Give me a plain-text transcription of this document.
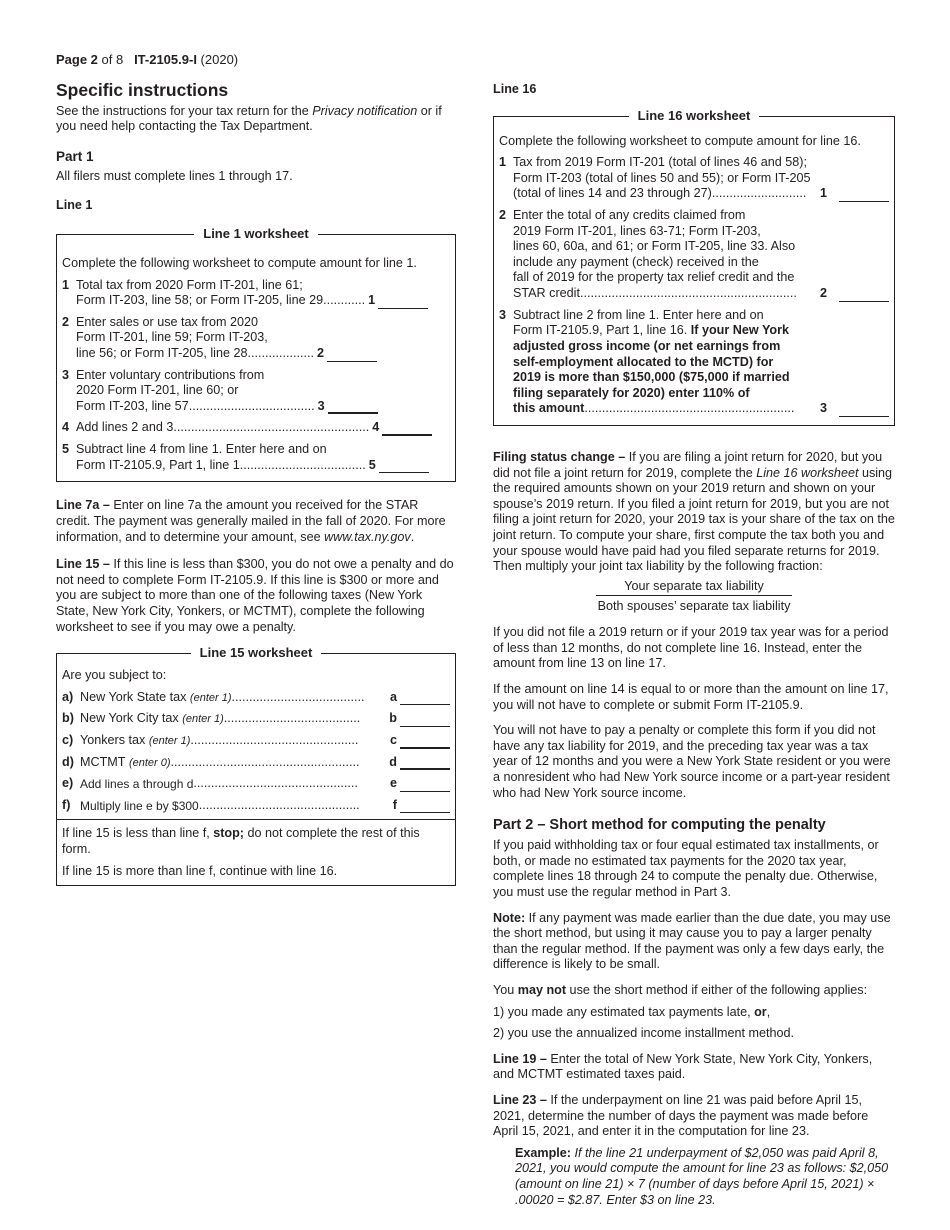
Page 2 of 8 IT-2105.9-I (2020)
Specific instructions

See the instructions for your tax return for the Privacy notification or if you need help contacting the Tax Department.

Part 1

All filers must complete lines 1 through 17.

Line 1
Line 1 worksheet

Complete the following worksheet to compute amount for line 1.

1 Total tax from 2020 Form IT-201, line 61;
Form IT-203, line 58; or Form IT-205, line 29 ............ 1
2 Enter sales or use tax from 2020
Form IT-201, line 59; Form IT-203,
line 56; or Form IT-205, line 28 ................... 2
3 Enter voluntary contributions from
2020 Form IT-201, line 60; or
Form IT-203, line 57 .................................... 3
4 Add lines 2 and 3 ........................................................ 4
5 Subtract line 4 from line 1. Enter here and on
Form IT-2105.9, Part 1, line 1 .................................... 5

Line 7a – Enter on line 7a the amount you received for the STAR credit. The payment was generally mailed in the fall of 2020. For more information, and to determine your amount, see www.tax.ny.gov.

Line 15 – If this line is less than $300, you do not owe a penalty and do not need to complete Form IT-2105.9. If this line is $300 or more and you are subject to more than one of the following taxes (New York State, New York City, Yonkers, or MCTMT), complete the following worksheet to see if you may owe a penalty.

Line 15 worksheet

Are you subject to:

a) New York State tax
(enter 1) ......................................	a
b) New York City tax
(enter 1) .......................................	b
c) Yonkers tax
(enter 1) ................................................	c
d) MCTMT
(enter 0) ......................................................	d
e) Add lines a through d ...............................................	e
f) Multiply line e by $300 ..............................................	f

If line 15 is less than line f, stop; do not complete the rest of this form.

If line 15 is more than line f, continue with line 16.

Line 16
Line 16 worksheet

Complete the following worksheet to compute amount for line 16.

1 Tax from 2019 Form IT-201 (total of lines 46 and 58);
Form IT-203 (total of lines 50 and 55); or Form IT-205
(total of lines 14 and 23 through 27) ...........................	1
2 Enter the total of any credits claimed from
2019 Form IT-201, lines 63-71; Form IT-203,
lines 60, 60a, and 61; or Form IT-205, line 33. Also
include any payment (check) received in the
fall of 2019 for the property tax relief credit and the
STAR credit ..............................................................	2
3 Subtract line 2 from line 1. Enter here and on
Form IT-2105.9, Part 1, line 16. If your New York
adjusted gross income (or net earnings from
self-employment allocated to the MCTD) for
2019 is more than $150,000 ($75,000 if married
filing separately for 2020) enter 110% of
this amount ............................................................	3

Filing status change – If you are filing a joint return for 2020, but you did not file a joint return for 2019, complete the Line 16 worksheet using the required amounts shown on your 2019 return and shown on your spouse’s 2019 return. If you filed a joint return for 2019, but you are not filing a joint return for 2020, your 2019 tax is your share of the tax on the joint return. To compute your share, first compute the tax both you and your spouse would have paid had you filed separate returns for 2019. Then multiply your joint tax liability by the following fraction:

Your separate tax liability
Both spouses’ separate tax liability

If you did not file a 2019 return or if your 2019 tax year was for a period of less than 12 months, do not complete line 16. Instead, enter the amount from line 13 on line 17.

If the amount on line 14 is equal to or more than the amount on line 17, you will not have to complete or submit Form IT-2105.9.

You will not have to pay a penalty or complete this form if you did not have any tax liability for 2019, and the preceding tax year was a tax year of 12 months and you were a New York State resident or you were a nonresident who had New York source income or a part-year resident who had New York source income.

Part 2 – Short method for computing the penalty

If you paid withholding tax or four equal estimated tax installments, or both, or made no estimated tax payments for the 2020 tax year, complete lines 18 through 24 to compute the penalty due. Otherwise, you must use the regular method in Part 3.

Note: If any payment was made earlier than the due date, you may use the short method, but using it may cause you to pay a larger penalty than the regular method. If the payment was only a few days early, the difference is likely to be small.

You may not use the short method if either of the following applies:

1) you made any estimated tax payments late, or,

2) you use the annualized income installment method.

Line 19 – Enter the total of New York State, New York City, Yonkers, and MCTMT estimated taxes paid.

Line 23 – If the underpayment on line 21 was paid before April 15, 2021, determine the number of days the payment was made before April 15, 2021, and enter it in the computation for line 23.

Example: If the line 21 underpayment of $2,050 was paid April 8, 2021, you would compute the amount for line 23 as follows: $2,050 (amount on line 21) × 7 (number of days before April 15, 2021) × .00020 = $2.87. Enter $3 on line 23.
